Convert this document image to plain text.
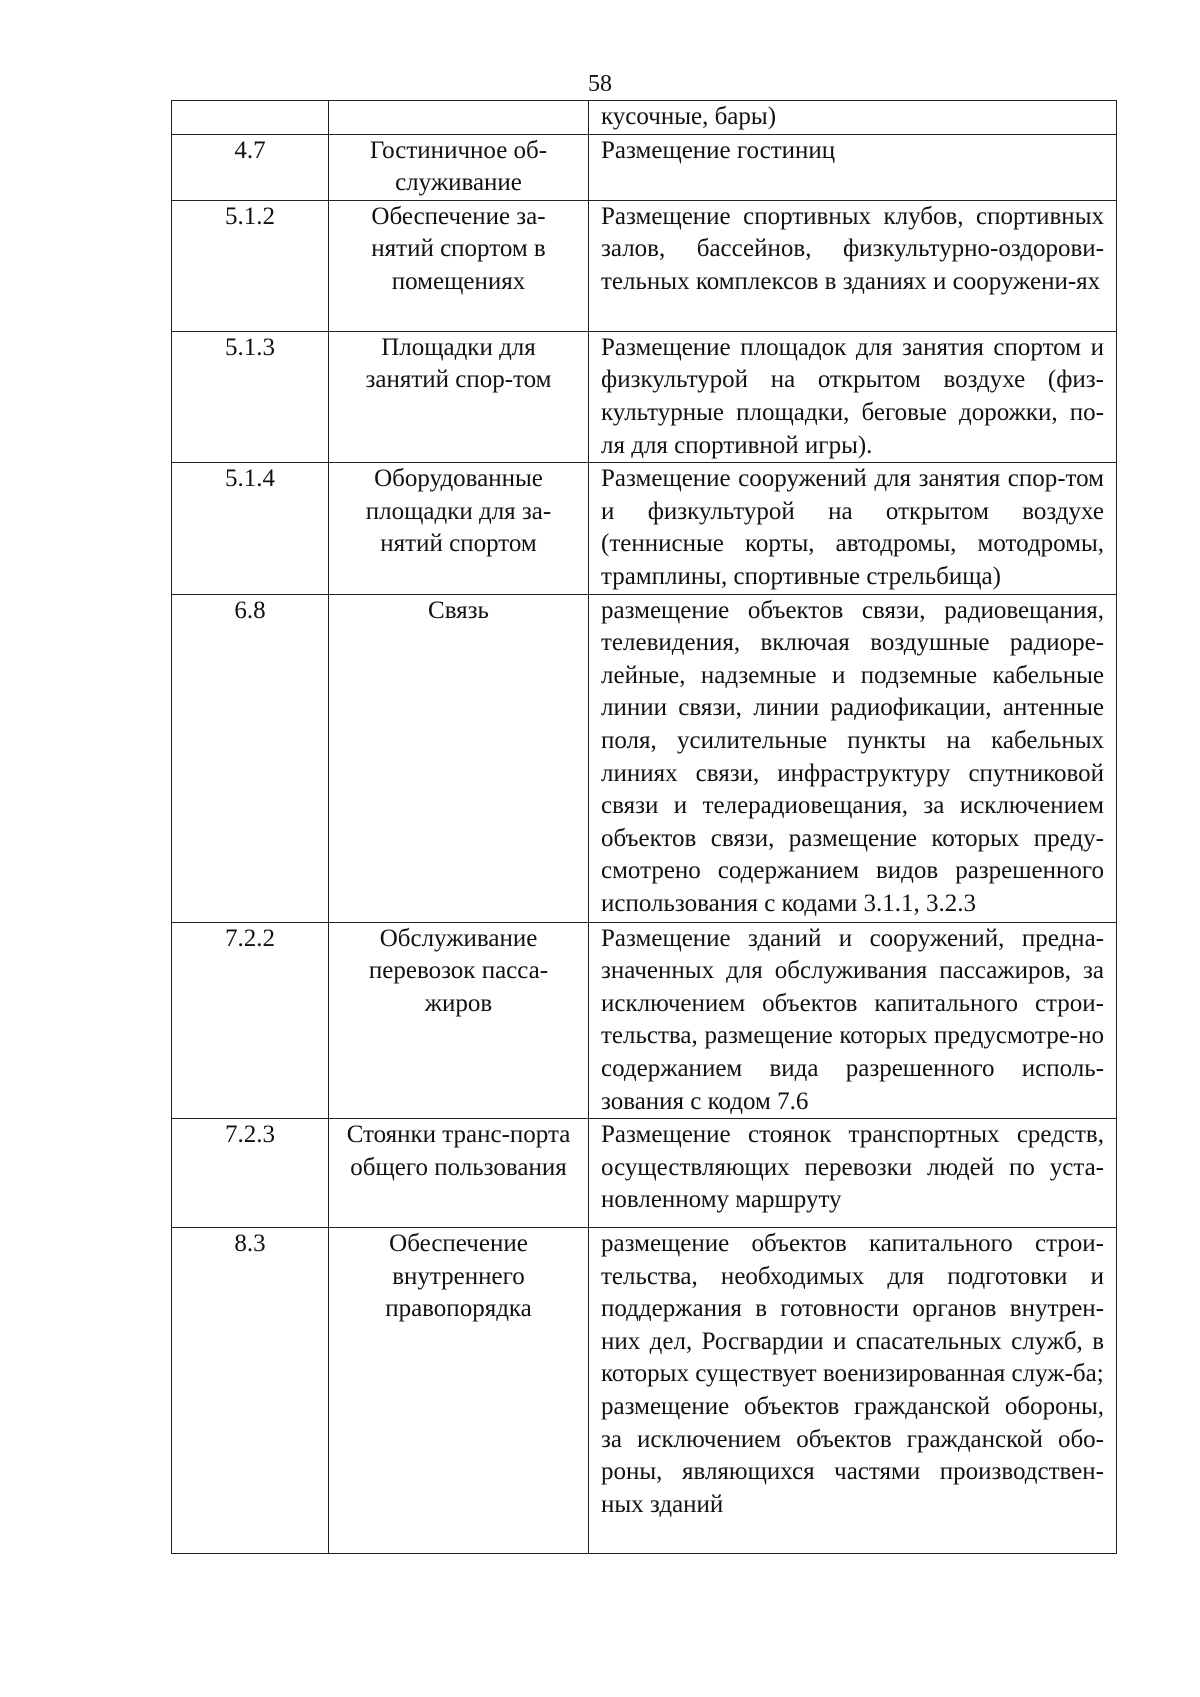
58

		кусочные, бары)

4.7	Гостиничное об-служивание	Размещение гостиниц

5.1.2	Обеспечение за-нятий спортом в помещениях	Размещение спортивных клубов, спортивных залов, бассейнов, физкультурно-оздорови-тельных комплексов в зданиях и сооружени-ях

5.1.3	Площадки для занятий спор-том	Размещение площадок для занятия спортом и физкультурой на открытом воздухе (физ-культурные площадки, беговые дорожки, по-ля для спортивной игры).

5.1.4	Оборудованные площадки для за-нятий спортом	Размещение сооружений для занятия спор-том и физкультурой на открытом воздухе (теннисные корты, автодромы, мотодромы, трамплины, спортивные стрельбища)

6.8	Связь	размещение объектов связи, радиовещания, телевидения, включая воздушные радиоре-лейные, надземные и подземные кабельные линии связи, линии радиофикации, антенные поля, усилительные пункты на кабельных линиях связи, инфраструктуру спутниковой связи и телерадиовещания, за исключением объектов связи, размещение которых преду-смотрено содержанием видов разрешенного использования с кодами 3.1.1, 3.2.3

7.2.2	Обслуживание перевозок пасса-жиров	Размещение зданий и сооружений, предна-значенных для обслуживания пассажиров, за исключением объектов капитального строи-тельства, размещение которых предусмотре-но содержанием вида разрешенного исполь-зования с кодом 7.6

7.2.3	Стоянки транс-порта общего пользования	Размещение стоянок транспортных средств, осуществляющих перевозки людей по уста-новленному маршруту

8.3	Обеспечение внутреннего правопорядка	размещение объектов капитального строи-тельства, необходимых для подготовки и поддержания в готовности органов внутрен-них дел, Росгвардии и спасательных служб, в которых существует военизированная служ-ба;
размещение объектов гражданской обороны, за исключением объектов гражданской обо-роны, являющихся частями производствен-ных зданий
